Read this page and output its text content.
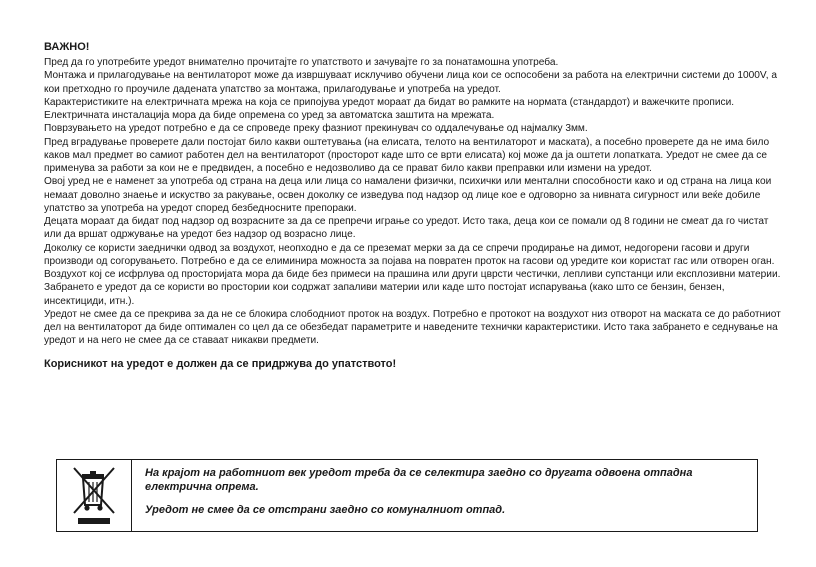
ВАЖНО!

Пред да го употребите уредот внимателно прочитајте го упатството и зачувајте го за понатамошна употреба.

Монтажа и прилагодување на вентилаторот може да извршуваат исклучиво обучени лица кои се оспособени за работа на електрични системи до 1000V, а кои претходно го проучиле дадената упатство за монтажа, прилагодување и употреба на уредот.

Карактеристиките на електричната мрежа на која се припојува уредот мораат да бидат во рамките на нормата (стандардот) и важечките прописи. Електричната инсталација мора да биде опремена со уред за автоматска заштита на мрежата.

Поврзувањето на уредот потребно е да се спроведе преку фазниот прекинувач со оддалечување од најмалку 3мм.

Пред вградување проверете дали постојат било какви оштетувања (на елисата, телото на вентилаторот и маската), а посебно проверете да не има било каков мал предмет во самиот работен дел на вентилаторот (просторот каде што се врти елисата) кој може да ја оштети лопатката. Уредот не смее да се применува за работи за кои не е предвиден, а посебно е недозволиво да се прават било какви преправки или измени на уредот.

Овој уред не е наменет за употреба од страна на деца или лица со намалени физички, психички или ментални способности како и од страна на лица кои немаат доволно знаење и искуство за ракување, освен доколку се изведува под надзор од лице кое е одговорно за нивната сигурност или веќе добиле упатство за употреба на уредот според безбедносните препораки.

Децата мораат да бидат под надзор од возрасните за да се препречи играње со уредот. Исто така, деца кои се помали од 8 години не смеат да го чистат или да вршат одржување на уредот без надзор од возрасно лице.

Доколку се користи заеднички одвод за воздухот, неопходно е да се преземат мерки за да се спречи продирање на димот, недогорени гасови и други производи од согорувањето. Потребно е да се елиминира можноста за појава на повратен проток на гасови од уредите кои користат гас или отворен оган. Воздухот кој се исфрлува од просторијата мора да биде без примеси на прашина или други цврсти честички, лепливи супстанци или експлозивни материи. Забрането е уредот да се користи во простории кои содржат запаливи материи или каде што постојат испарувања (како што се бензин, бензен, инсектициди, итн.).

Уредот не смее да се прекрива за да не се блокира слободниот проток на воздух. Потребно е протокот на воздухот низ отворот на маската се до работниот дел на вентилаторот да биде оптимален со цел да се обезбедат параметрите и наведените технички карактеристики. Исто така забрането е седнување на уредот и на него не смее да се ставаат никакви предмети.

Корисникот на уредот е должен да се придржува до упатството!

На крајот на работниот век уредот треба да се селектира заедно со другата одвоена отпадна електрична опрема.

Уредот не смее да се отстрани заедно со комуналниот отпад.
